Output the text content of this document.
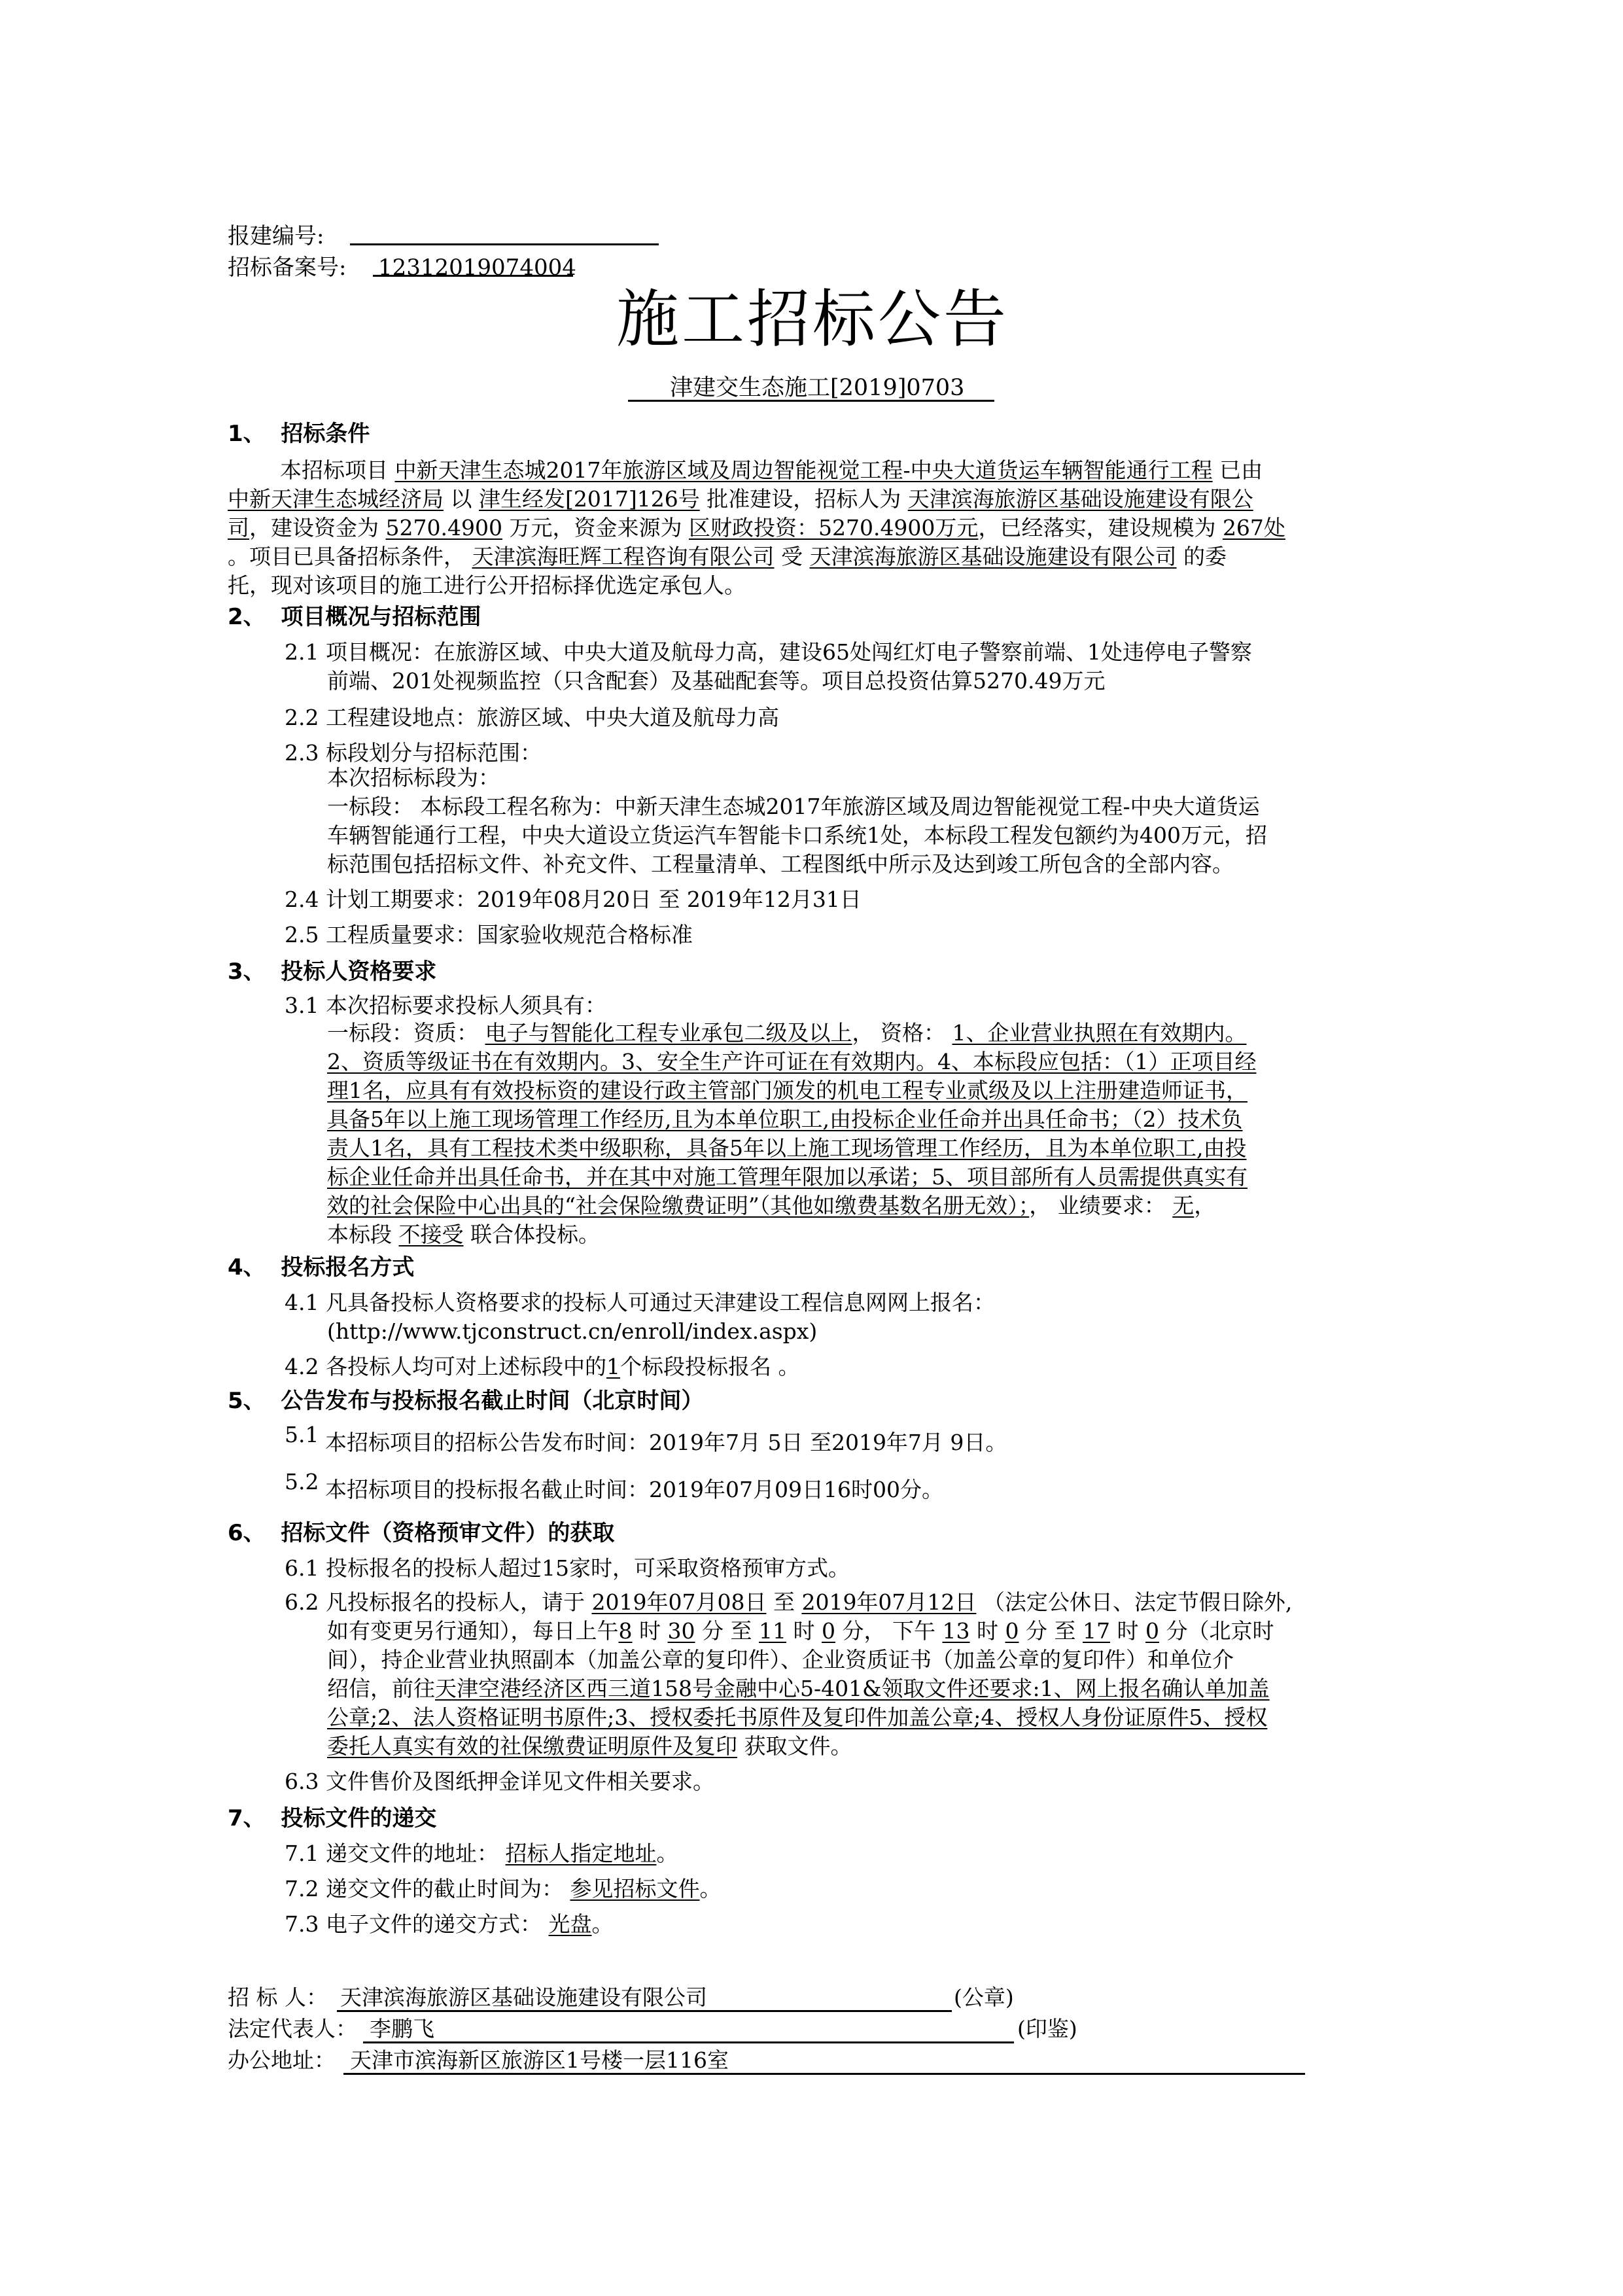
报建编号:
招标备案号: 12312019074004
施工招标公告
津建交生态施工[2019]0703
1、 招标条件
本招标项目 中新天津生态城2017年旅游区域及周边智能视觉工程-中央大道货运车辆智能通行工程 已由
中新天津生态城经济局 以 津生经发[2017]126号 批准建设，招标人为 天津滨海旅游区基础设施建设有限公
司，建设资金为 5270.4900 万元，资金来源为 区财政投资：5270.4900万元，已经落实，建设规模为 267处
。项目已具备招标条件， 天津滨海旺辉工程咨询有限公司 受 天津滨海旅游区基础设施建设有限公司 的委
托，现对该项目的施工进行公开招标择优选定承包人。
2、 项目概况与招标范围
2.1 项目概况：在旅游区域、中央大道及航母力高，建设65处闯红灯电子警察前端、1处违停电子警察
前端、201处视频监控（只含配套）及基础配套等。项目总投资估算5270.49万元
2.2 工程建设地点：旅游区域、中央大道及航母力高
2.3 标段划分与招标范围：
本次招标标段为：
一标段： 本标段工程名称为：中新天津生态城2017年旅游区域及周边智能视觉工程-中央大道货运
车辆智能通行工程，中央大道设立货运汽车智能卡口系统1处，本标段工程发包额约为400万元，招
标范围包括招标文件、补充文件、工程量清单、工程图纸中所示及达到竣工所包含的全部内容。
2.4 计划工期要求：2019年08月20日 至 2019年12月31日
2.5 工程质量要求：国家验收规范合格标准
3、 投标人资格要求
3.1 本次招标要求投标人须具有：
一标段：资质： 电子与智能化工程专业承包二级及以上， 资格： 1、企业营业执照在有效期内。
2、资质等级证书在有效期内。3、安全生产许可证在有效期内。4、本标段应包括：（1）正项目经
理1名，应具有有效投标资的建设行政主管部门颁发的机电工程专业贰级及以上注册建造师证书，
具备5年以上施工现场管理工作经历,且为本单位职工,由投标企业任命并出具任命书；（2）技术负
责人1名，具有工程技术类中级职称，具备5年以上施工现场管理工作经历，且为本单位职工,由投
标企业任命并出具任命书，并在其中对施工管理年限加以承诺；5、项目部所有人员需提供真实有
效的社会保险中心出具的“社会保险缴费证明”（其他如缴费基数名册无效）；， 业绩要求： 无，
本标段 不接受 联合体投标。
4、 投标报名方式
4.1 凡具备投标人资格要求的投标人可通过天津建设工程信息网网上报名：
(http://www.tjconstruct.cn/enroll/index.aspx)
4.2 各投标人均可对上述标段中的1个标段投标报名 。
5、 公告发布与投标报名截止时间（北京时间）
5.1 本招标项目的招标公告发布时间：2019年7月 5日 至2019年7月 9日。
5.2 本招标项目的投标报名截止时间：2019年07月09日16时00分。
6、 招标文件（资格预审文件）的获取
6.1 投标报名的投标人超过15家时，可采取资格预审方式。
6.2 凡投标报名的投标人，请于 2019年07月08日 至 2019年07月12日 （法定公休日、法定节假日除外,
如有变更另行通知），每日上午8 时 30 分 至 11 时 0 分， 下午 13 时 0 分 至 17 时 0 分（北京时
间），持企业营业执照副本（加盖公章的复印件）、企业资质证书（加盖公章的复印件）和单位介
绍信，前往天津空港经济区西三道158号金融中心5-401&领取文件还要求:1、网上报名确认单加盖
公章;2、法人资格证明书原件;3、授权委托书原件及复印件加盖公章;4、授权人身份证原件5、授权
委托人真实有效的社保缴费证明原件及复印 获取文件。
6.3 文件售价及图纸押金详见文件相关要求。
7、 投标文件的递交
7.1 递交文件的地址： 招标人指定地址。
7.2 递交文件的截止时间为： 参见招标文件。
7.3 电子文件的递交方式： 光盘。
招 标 人： 天津滨海旅游区基础设施建设有限公司	(公章)
法定代表人： 李鹏飞	(印鉴)
办公地址： 天津市滨海新区旅游区1号楼一层116室
